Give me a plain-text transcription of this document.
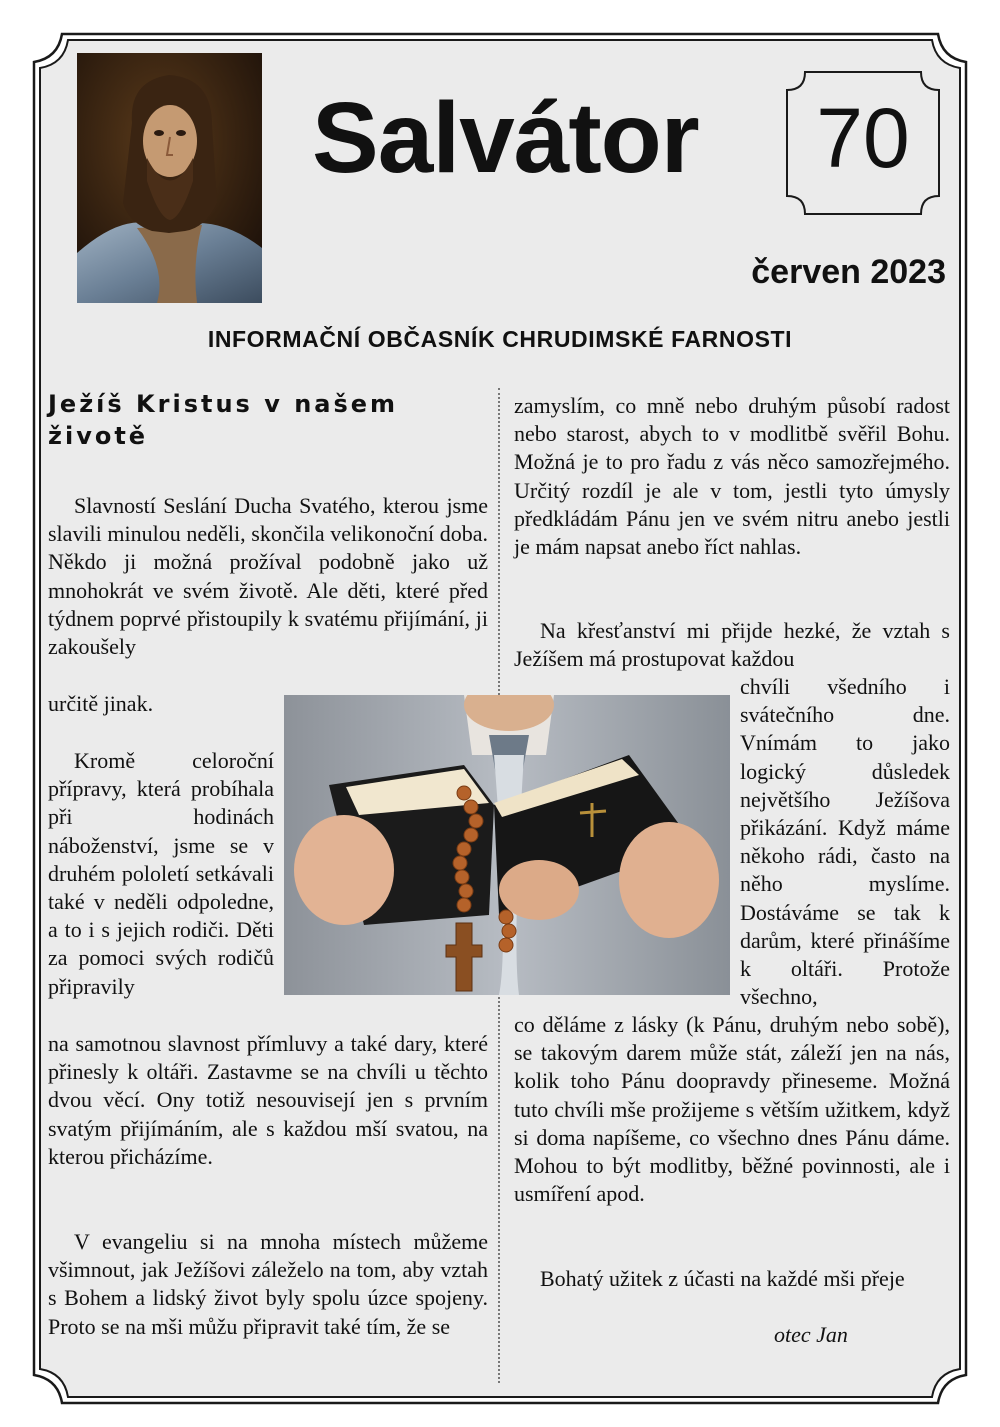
Salvátor	70
červen 2023
INFORMAČNÍ OBČASNÍK CHRUDIMSKÉ FARNOSTI
Ježíš Kristus v našem životě

Slavností Seslání Ducha Svatého, kterou jsme slavili minulou neděli, skončila velikonoční doba. Někdo ji možná prožíval podobně jako už mnohokrát ve svém životě. Ale děti, které před týdnem poprvé přistoupily k svatému přijímání, ji zakoušely

určitě jinak.

Kromě celoroční přípravy, která probíhala při hodinách náboženství, jsme se v druhém pololetí setkávali také v neděli odpoledne, a to i s jejich rodiči. Děti za pomoci svých rodičů připravily

na samotnou slavnost přímluvy a také dary, které přinesly k oltáři. Zastavme se na chvíli u těchto dvou věcí. Ony totiž nesouvisejí jen s prvním svatým přijímáním, ale s každou mší svatou, na kterou přicházíme.

V evangeliu si na mnoha místech můžeme všimnout, jak Ježíšovi záleželo na tom, aby vztah s Bohem a lidský život byly spolu úzce spojeny. Proto se na mši můžu připravit také tím, že se

zamyslím, co mně nebo druhým působí radost nebo starost, abych to v modlitbě svěřil Bohu. Možná je to pro řadu z vás něco samozřejmého. Určitý rozdíl je ale v tom, jestli tyto úmysly předkládám Pánu jen ve svém nitru anebo jestli je mám napsat anebo říct nahlas.

Na křesťanství mi přijde hezké, že vztah s Ježíšem má prostupovat každou

chvíli všedního i svátečního dne. Vnímám to jako logický důsledek největšího Ježíšova přikázání. Když máme někoho rádi, často na něho myslíme. Dostáváme se tak k darům, které přinášíme k oltáři. Protože všechno,

co děláme z lásky (k Pánu, druhým nebo sobě), se takovým darem může stát, záleží jen na nás, kolik toho Pánu doopravdy přineseme. Možná tuto chvíli mše prožijeme s větším užitkem, když si doma napíšeme, co všechno dnes Pánu dáme. Mohou to být modlitby, běžné povinnosti, ale i usmíření apod.

Bohatý užitek z účasti na každé mši přeje

otec Jan
